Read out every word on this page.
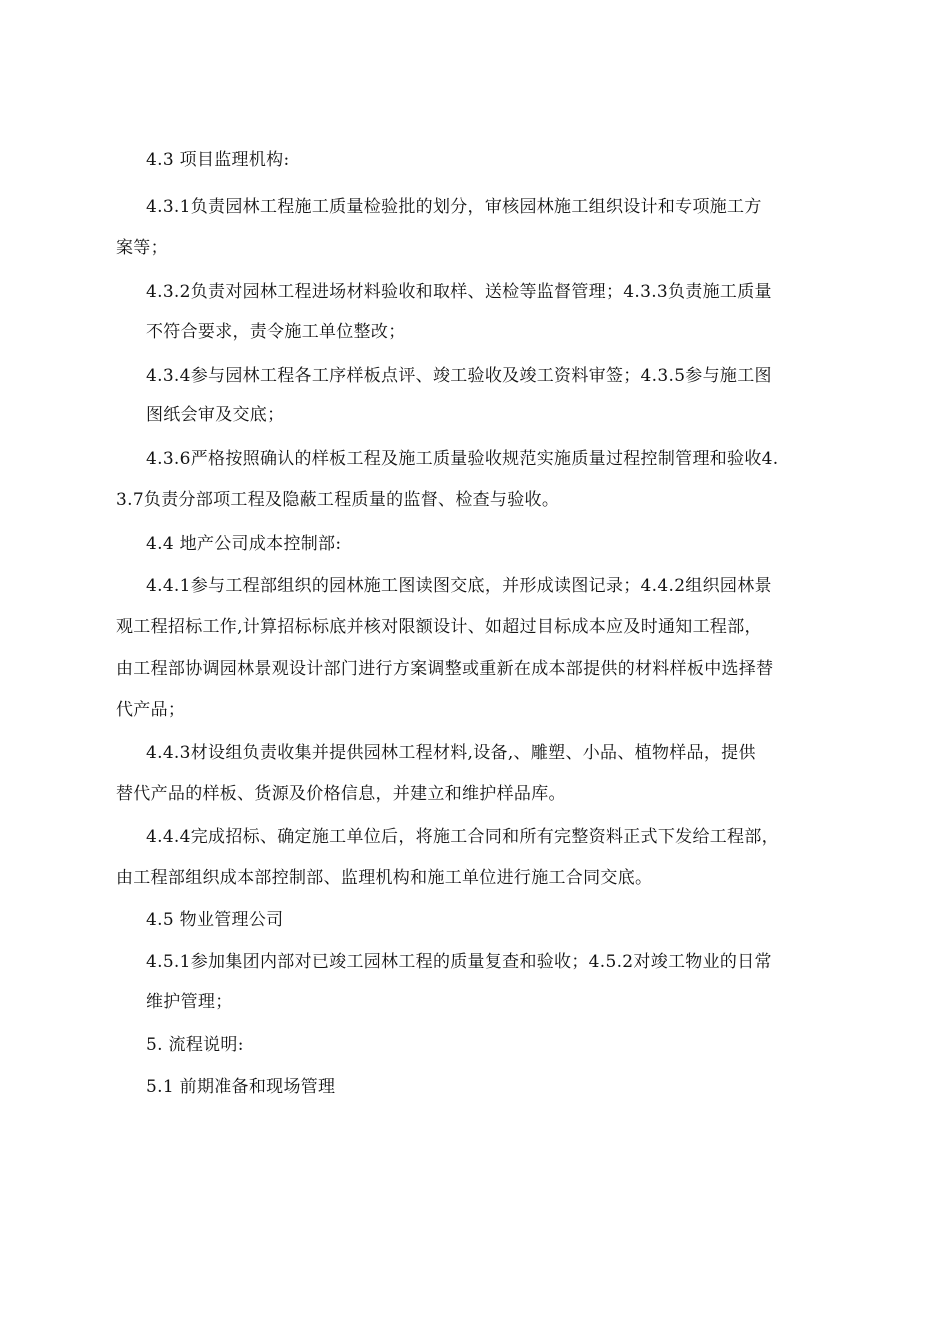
4.3 项目监理机构:
4.3.1负责园林工程施工质量检验批的划分，审核园林施工组织设计和专项施工方
案等；
4.3.2负责对园林工程进场材料验收和取样、送检等监督管理；4.3.3负责施工质量
不符合要求，责令施工单位整改；
4.3.4参与园林工程各工序样板点评、竣工验收及竣工资料审签；4.3.5参与施工图
图纸会审及交底；
4.3.6严格按照确认的样板工程及施工质量验收规范实施质量过程控制管理和验收4.
3.7负责分部项工程及隐蔽工程质量的监督、检查与验收。
4.4 地产公司成本控制部:
4.4.1参与工程部组织的园林施工图读图交底，并形成读图记录；4.4.2组织园林景
观工程招标工作,计算招标标底并核对限额设计、如超过目标成本应及时通知工程部，
由工程部协调园林景观设计部门进行方案调整或重新在成本部提供的材料样板中选择替
代产品；
4.4.3材设组负责收集并提供园林工程材料,设备,、雕塑、小品、植物样品，提供
替代产品的样板、货源及价格信息，并建立和维护样品库。
4.4.4完成招标、确定施工单位后，将施工合同和所有完整资料正式下发给工程部，
由工程部组织成本部控制部、监理机构和施工单位进行施工合同交底。
4.5 物业管理公司
4.5.1参加集团内部对已竣工园林工程的质量复查和验收；4.5.2对竣工物业的日常
维护管理；
5. 流程说明:
5.1 前期准备和现场管理
